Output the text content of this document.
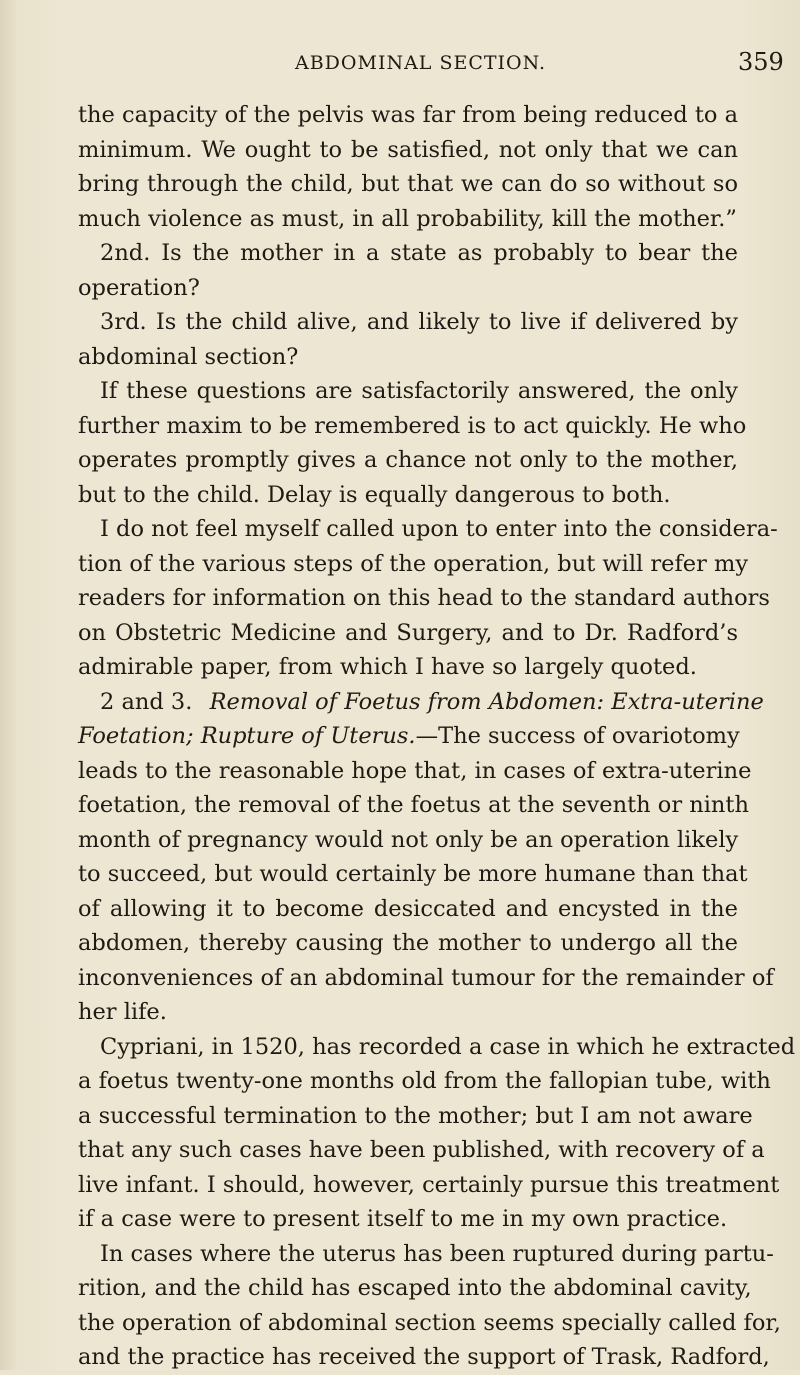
ABDOMINAL SECTION.	359
the capacity of the pelvis was far from being reduced to a
minimum. We ought to be satisfied, not only that we can
bring through the child, but that we can do so without so
much violence as must, in all probability, kill the mother.”
2nd. Is the mother in a state as probably to bear the
operation?
3rd. Is the child alive, and likely to live if delivered by
abdominal section?
If these questions are satisfactorily answered, the only
further maxim to be remembered is to act quickly. He who
operates promptly gives a chance not only to the mother,
but to the child. Delay is equally dangerous to both.
I do not feel myself called upon to enter into the considera-
tion of the various steps of the operation, but will refer my
readers for information on this head to the standard authors
on Obstetric Medicine and Surgery, and to Dr. Radford’s
admirable paper, from which I have so largely quoted.
2 and 3. Removal of Foetus from Abdomen: Extra-uterine
Foetation; Rupture of Uterus.—The success of ovariotomy
leads to the reasonable hope that, in cases of extra-uterine
foetation, the removal of the foetus at the seventh or ninth
month of pregnancy would not only be an operation likely
to succeed, but would certainly be more humane than that
of allowing it to become desiccated and encysted in the
abdomen, thereby causing the mother to undergo all the
inconveniences of an abdominal tumour for the remainder of
her life.
Cypriani, in 1520, has recorded a case in which he extracted
a foetus twenty-one months old from the fallopian tube, with
a successful termination to the mother; but I am not aware
that any such cases have been published, with recovery of a
live infant. I should, however, certainly pursue this treatment
if a case were to present itself to me in my own practice.
In cases where the uterus has been ruptured during partu-
rition, and the child has escaped into the abdominal cavity,
the operation of abdominal section seems specially called for,
and the practice has received the support of Trask, Radford,
